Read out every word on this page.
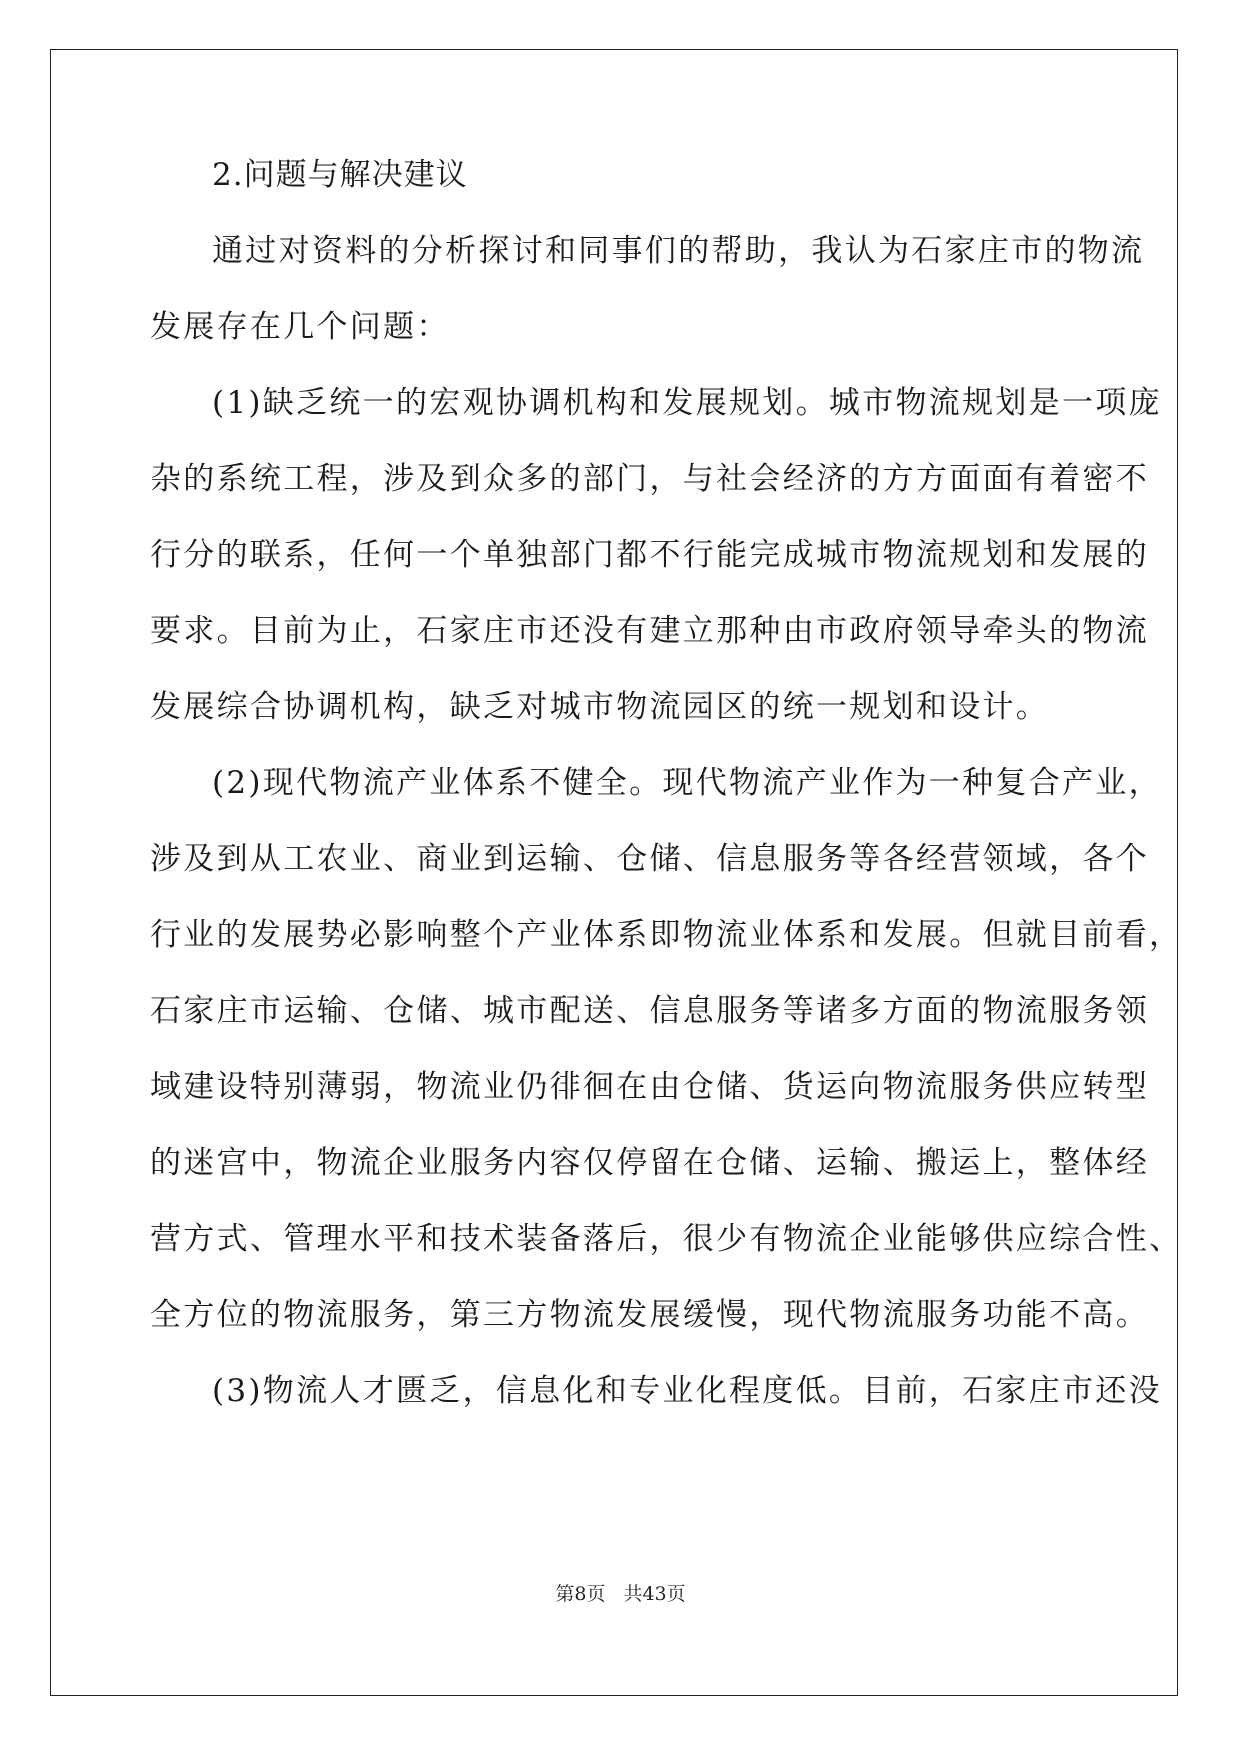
2.问题与解决建议
通过对资料的分析探讨和同事们的帮助，我认为石家庄市的物流
发展存在几个问题：
(1)缺乏统一的宏观协调机构和发展规划。城市物流规划是一项庞
杂的系统工程，涉及到众多的部门，与社会经济的方方面面有着密不
行分的联系，任何一个单独部门都不行能完成城市物流规划和发展的
要求。目前为止，石家庄市还没有建立那种由市政府领导牵头的物流
发展综合协调机构，缺乏对城市物流园区的统一规划和设计。
(2)现代物流产业体系不健全。现代物流产业作为一种复合产业，
涉及到从工农业、商业到运输、仓储、信息服务等各经营领域，各个
行业的发展势必影响整个产业体系即物流业体系和发展。但就目前看，
石家庄市运输、仓储、城市配送、信息服务等诸多方面的物流服务领
域建设特别薄弱，物流业仍徘徊在由仓储、货运向物流服务供应转型
的迷宫中，物流企业服务内容仅停留在仓储、运输、搬运上，整体经
营方式、管理水平和技术装备落后，很少有物流企业能够供应综合性、
全方位的物流服务，第三方物流发展缓慢，现代物流服务功能不高。
(3)物流人才匮乏，信息化和专业化程度低。目前，石家庄市还没
第8页 共43页
